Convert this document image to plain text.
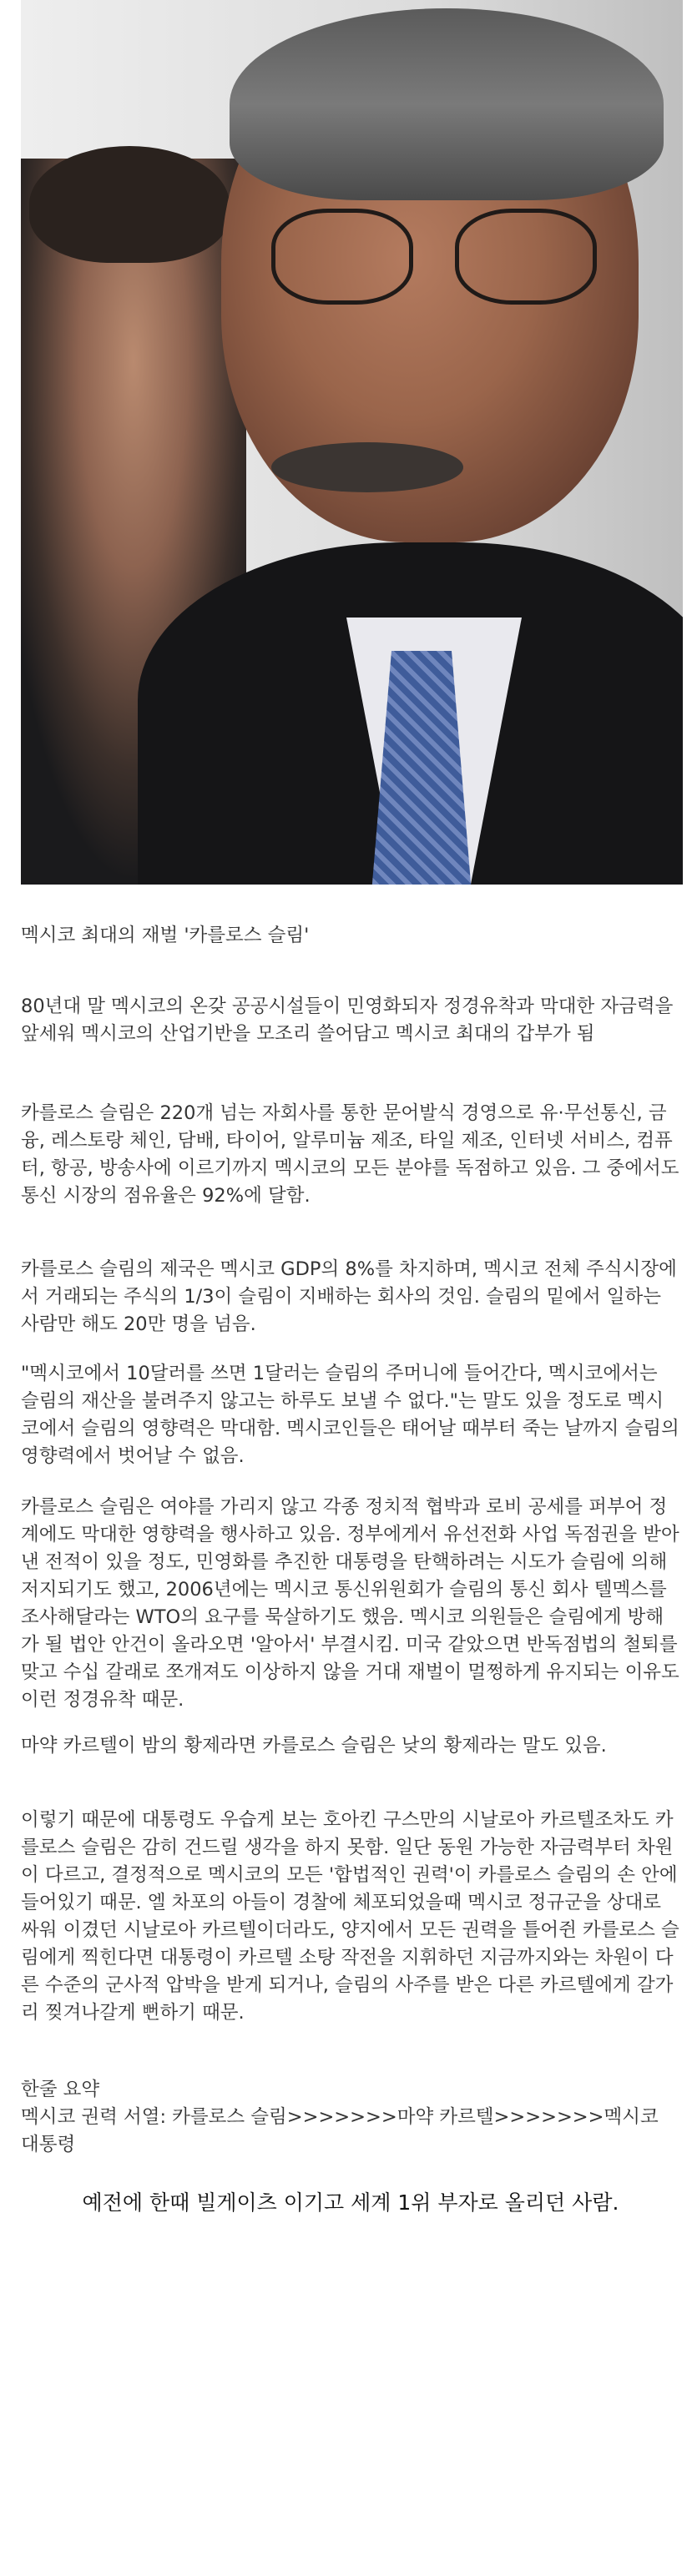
멕시코 최대의 재벌 '카를로스 슬림'

80년대 말 멕시코의 온갖 공공시설들이 민영화되자 정경유착과 막대한 자금력을 앞세워 멕시코의 산업기반을 모조리 쓸어담고 멕시코 최대의 갑부가 됨

카를로스 슬림은 220개 넘는 자회사를 통한 문어발식 경영으로 유·무선통신, 금융, 레스토랑 체인, 담배, 타이어, 알루미늄 제조, 타일 제조, 인터넷 서비스, 컴퓨터, 항공, 방송사에 이르기까지 멕시코의 모든 분야를 독점하고 있음. 그 중에서도 통신 시장의 점유율은 92%에 달함.

카를로스 슬림의 제국은 멕시코 GDP의 8%를 차지하며, 멕시코 전체 주식시장에서 거래되는 주식의 1/3이 슬림이 지배하는 회사의 것임. 슬림의 밑에서 일하는 사람만 해도 20만 명을 넘음.

"멕시코에서 10달러를 쓰면 1달러는 슬림의 주머니에 들어간다, 멕시코에서는 슬림의 재산을 불려주지 않고는 하루도 보낼 수 없다."는 말도 있을 정도로 멕시코에서 슬림의 영향력은 막대함. 멕시코인들은 태어날 때부터 죽는 날까지 슬림의 영향력에서 벗어날 수 없음.

카를로스 슬림은 여야를 가리지 않고 각종 정치적 협박과 로비 공세를 퍼부어 정계에도 막대한 영향력을 행사하고 있음. 정부에게서 유선전화 사업 독점권을 받아낸 전적이 있을 정도, 민영화를 추진한 대통령을 탄핵하려는 시도가 슬림에 의해 저지되기도 했고, 2006년에는 멕시코 통신위원회가 슬림의 통신 회사 텔멕스를 조사해달라는 WTO의 요구를 묵살하기도 했음. 멕시코 의원들은 슬림에게 방해가 될 법안 안건이 올라오면 '알아서' 부결시킴. 미국 같았으면 반독점법의 철퇴를 맞고 수십 갈래로 쪼개져도 이상하지 않을 거대 재벌이 멀쩡하게 유지되는 이유도 이런 정경유착 때문.

마약 카르텔이 밤의 황제라면 카를로스 슬림은 낮의 황제라는 말도 있음.

이렇기 때문에 대통령도 우습게 보는 호아킨 구스만의 시날로아 카르텔조차도 카를로스 슬림은 감히 건드릴 생각을 하지 못함. 일단 동원 가능한 자금력부터 차원이 다르고, 결정적으로 멕시코의 모든 '합법적인 권력'이 카를로스 슬림의 손 안에 들어있기 때문. 엘 차포의 아들이 경찰에 체포되었을때 멕시코 정규군을 상대로 싸워 이겼던 시날로아 카르텔이더라도, 양지에서 모든 권력을 틀어쥔 카를로스 슬림에게 찍힌다면 대통령이 카르텔 소탕 작전을 지휘하던 지금까지와는 차원이 다른 수준의 군사적 압박을 받게 되거나, 슬림의 사주를 받은 다른 카르텔에게 갈가리 찢겨나갈게 뻔하기 때문.

한줄 요약

멕시코 권력 서열: 카를로스 슬림>>>>>>>마약 카르텔>>>>>>>멕시코 대통령

예전에 한때 빌게이츠 이기고 세계 1위 부자로 올리던 사람.
